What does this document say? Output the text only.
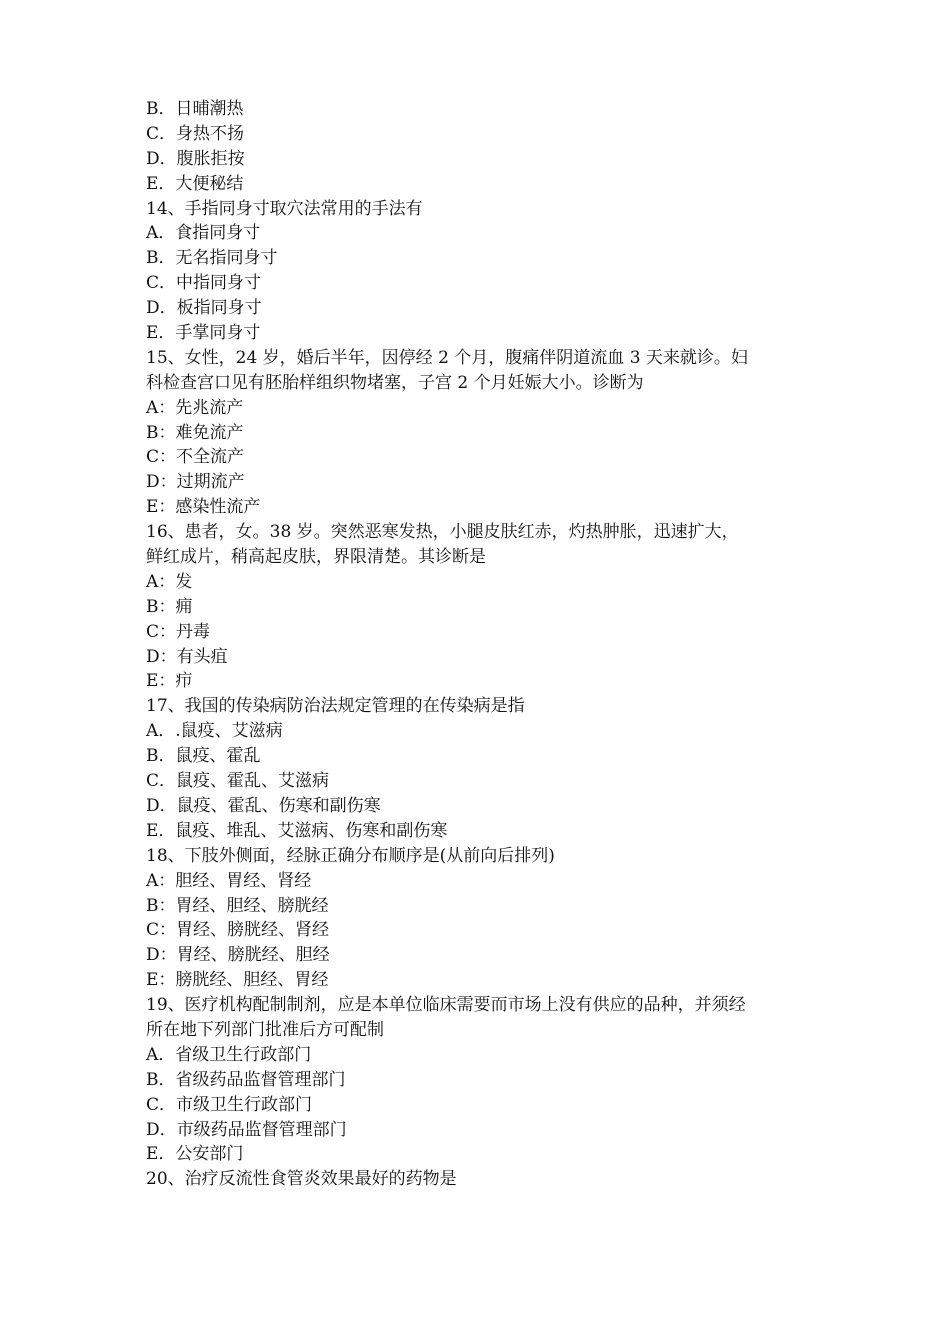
B．日晡潮热
C．身热不扬
D．腹胀拒按
E．大便秘结
14、手指同身寸取穴法常用的手法有
A．食指同身寸
B．无名指同身寸
C．中指同身寸
D．板指同身寸
E．手掌同身寸
15、女性，24 岁，婚后半年，因停经 2 个月，腹痛伴阴道流血 3 天来就诊。妇
科检查宫口见有胚胎样组织物堵塞，子宫 2 个月妊娠大小。诊断为
A：先兆流产
B：难免流产
C：不全流产
D：过期流产
E：感染性流产
16、患者，女。38 岁。突然恶寒发热，小腿皮肤红赤，灼热肿胀，迅速扩大，
鲜红成片，稍高起皮肤，界限清楚。其诊断是
A：发
B：痈
C：丹毒
D：有头疽
E：疖
17、我国的传染病防治法规定管理的在传染病是指
A．.鼠疫、艾滋病
B．鼠疫、霍乱
C．鼠疫、霍乱、艾滋病
D．鼠疫、霍乱、伤寒和副伤寒
E．鼠疫、堆乱、艾滋病、伤寒和副伤寒
18、下肢外侧面，经脉正确分布顺序是(从前向后排列)
A：胆经、胃经、肾经
B：胃经、胆经、膀胱经
C：胃经、膀胱经、肾经
D：胃经、膀胱经、胆经
E：膀胱经、胆经、胃经
19、医疗机构配制制剂，应是本单位临床需要而市场上没有供应的品种，并须经
所在地下列部门批准后方可配制
A．省级卫生行政部门
B．省级药品监督管理部门
C．市级卫生行政部门
D．市级药品监督管理部门
E．公安部门
20、治疗反流性食管炎效果最好的药物是
